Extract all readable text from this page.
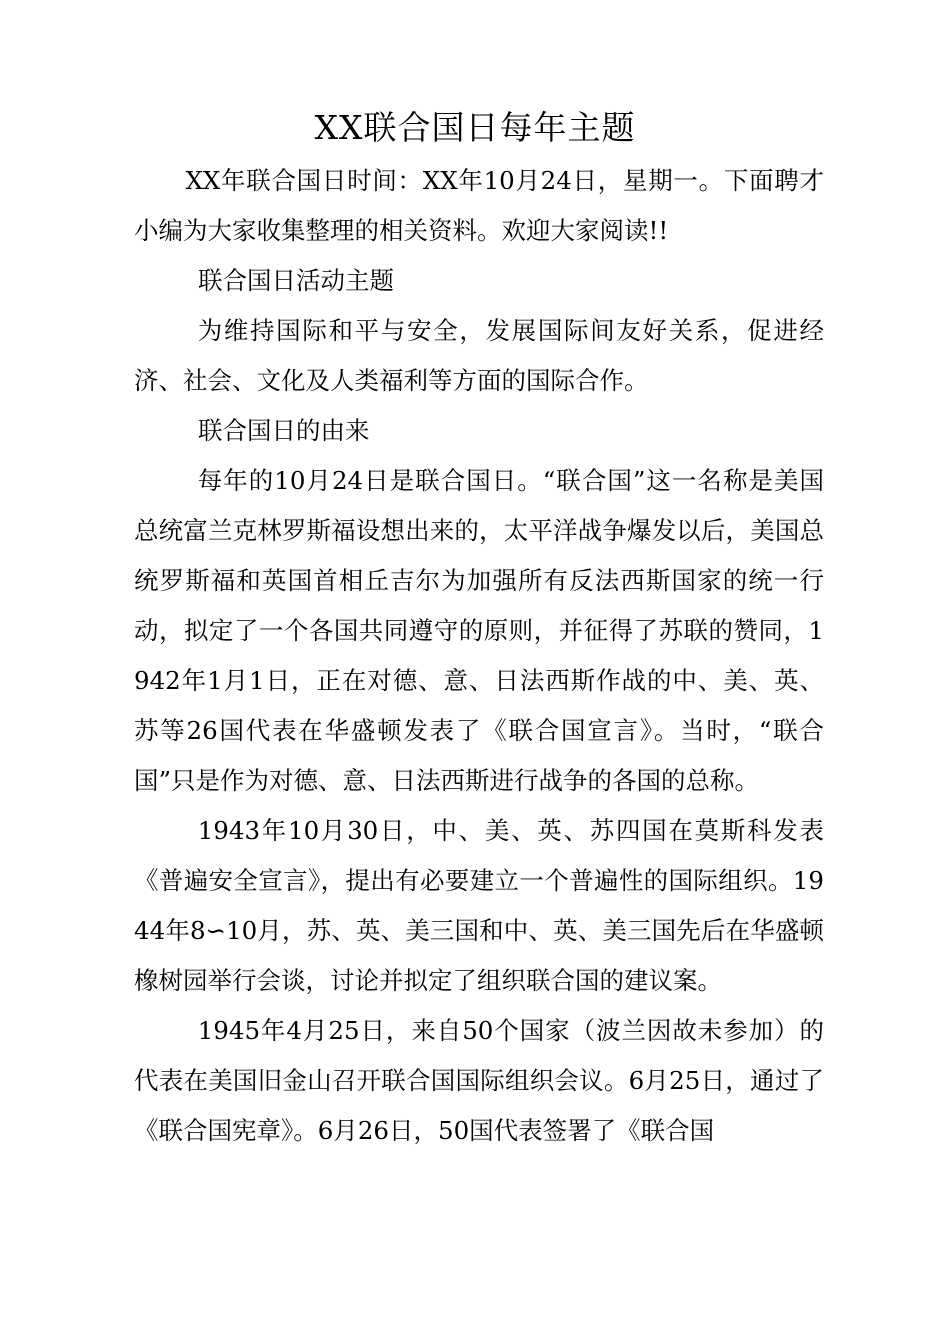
XX联合国日每年主题

XX年联合国日时间：XX年10月24日，星期一。下面聘才小编为大家收集整理的相关资料。欢迎大家阅读!!

联合国日活动主题

为维持国际和平与安全，发展国际间友好关系，促进经济、社会、文化及人类福利等方面的国际合作。

联合国日的由来

每年的10月24日是联合国日。“联合国”这一名称是美国总统富兰克林罗斯福设想出来的，太平洋战争爆发以后，美国总统罗斯福和英国首相丘吉尔为加强所有反法西斯国家的统一行动，拟定了一个各国共同遵守的原则，并征得了苏联的赞同，1942年1月1日，正在对德、意、日法西斯作战的中、美、英、苏等26国代表在华盛顿发表了《联合国宣言》。当时，“联合国”只是作为对德、意、日法西斯进行战争的各国的总称。

1943年10月30日，中、美、英、苏四国在莫斯科发表《普遍安全宣言》，提出有必要建立一个普遍性的国际组织。1944年8∽10月，苏、英、美三国和中、英、美三国先后在华盛顿橡树园举行会谈，讨论并拟定了组织联合国的建议案。

1945年4月25日，来自50个国家（波兰因故未参加）的代表在美国旧金山召开联合国国际组织会议。6月25日，通过了《联合国宪章》。6月26日，50国代表签署了《联合国
